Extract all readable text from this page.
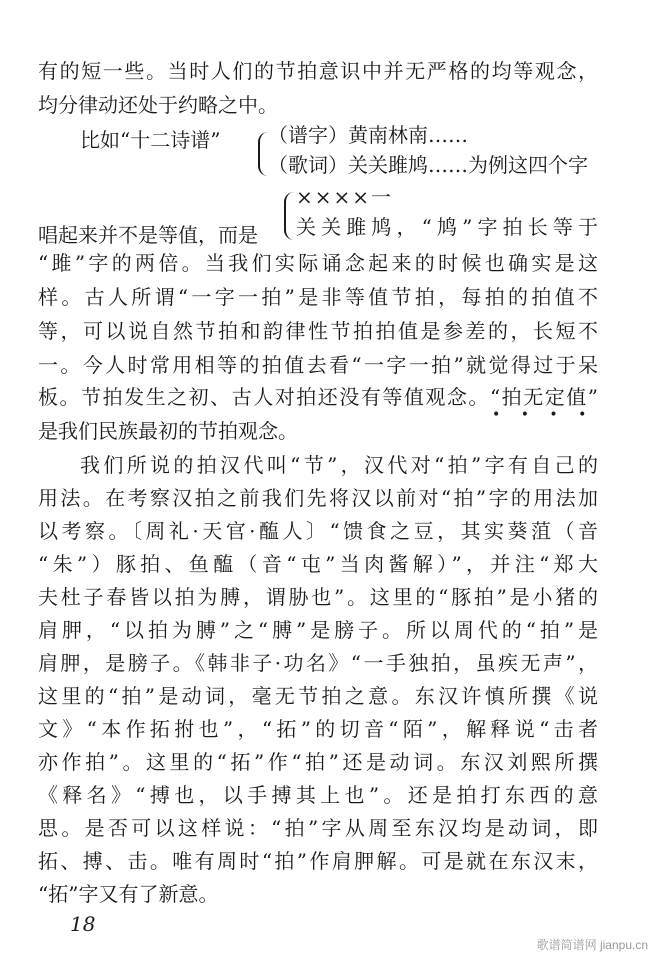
有的短一些。当时人们的节拍意识中并无严格的均等观念，
均分律动还处于约略之中。
比如“十二诗谱” （谱字）黄南林南……
（歌词）关关雎鸠……为例这四个字
××××一
唱起来并不是等值，而是 关关雎鸠，“鸠”字拍长等于
“雎”字的两倍。当我们实际诵念起来的时候也确实是这
样。古人所谓“一字一拍”是非等值节拍，每拍的拍值不
等，可以说自然节拍和韵律性节拍拍值是参差的，长短不
一。今人时常用相等的拍值去看“一字一拍”就觉得过于呆
板。节拍发生之初、古人对拍还没有等值观念。“拍无定值”
• • • •
是我们民族最初的节拍观念。
我们所说的拍汉代叫“节”，汉代对“拍”字有自己的
用法。在考察汉拍之前我们先将汉以前对“拍”字的用法加
以考察。〔周礼·天官·醢人〕“馈食之豆，其实葵菹（音
“朱”）豚拍、鱼醢（音“屯”当肉酱解）”，并注“郑大
夫杜子春皆以拍为膊，谓胁也”。这里的“豚拍”是小猪的
肩胛，“以拍为膊”之“膊”是膀子。所以周代的“拍”是
肩胛，是膀子。《韩非子·功名》“一手独拍，虽疾无声”，
这里的“拍”是动词，毫无节拍之意。东汉许慎所撰《说
文》“本作拓拊也”，“拓”的切音“陌”，解释说“击者
亦作拍”。这里的“拓”作“拍”还是动词。东汉刘熙所撰
《释名》“搏也，以手搏其上也”。还是拍打东西的意
思。是否可以这样说：“拍”字从周至东汉均是动词，即
拓、搏、击。唯有周时“拍”作肩胛解。可是就在东汉末，
“拓”字又有了新意。
18
歌谱简谱网 jianpu.cn
